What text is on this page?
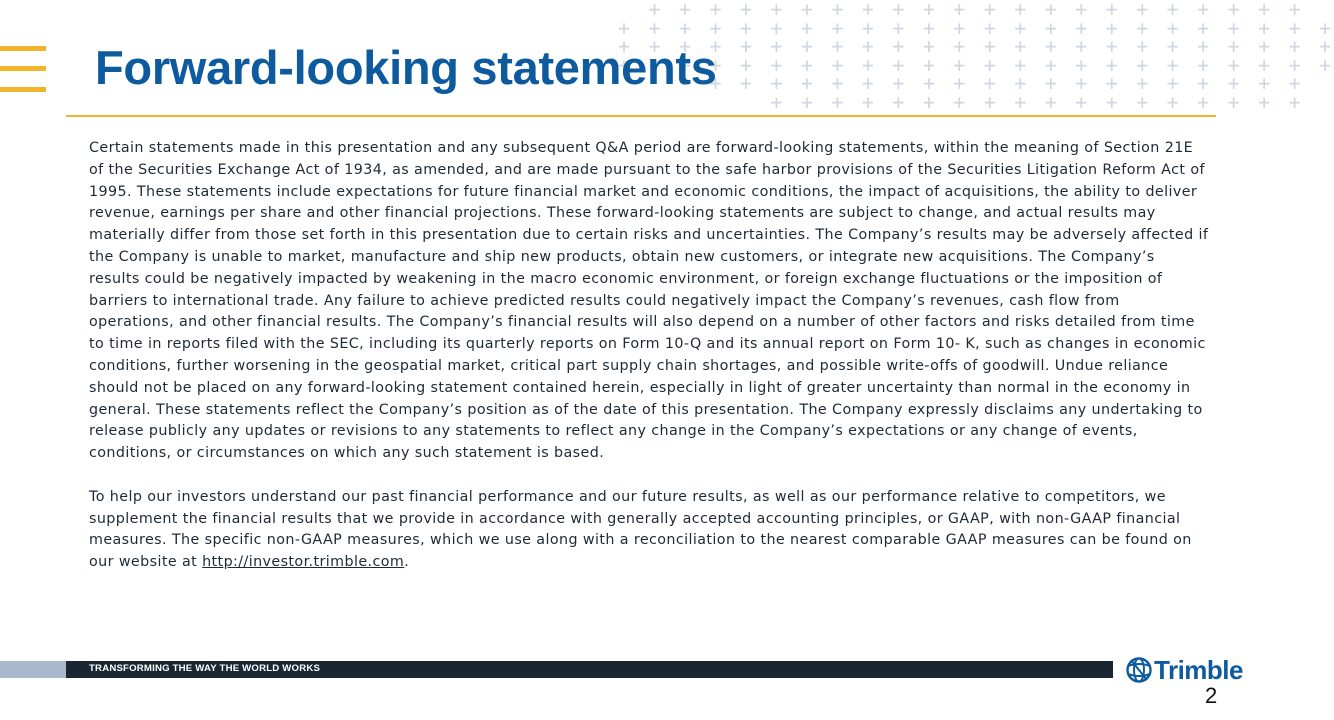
+ + + + + + + + + + + + + + + + + + + + + +
+ + + + + + + + + + + + + + + + + + + + + + + +
+ + + + + + + + + + + + + + + + + + + + + + + +
+ + + + + + + + + + + + + + + + + + + + + + + +
+ + + + + + + + + + + + + + + + + + + +
+ + + + + + + + + + + + + + + + + +
Forward-looking statements

Certain statements made in this presentation and any subsequent Q&A period are forward-looking statements, within the meaning of Section 21E of the Securities Exchange Act of 1934, as amended, and are made pursuant to the safe harbor provisions of the Securities Litigation Reform Act of 1995. These statements include expectations for future financial market and economic conditions, the impact of acquisitions, the ability to deliver revenue, earnings per share and other financial projections. These forward-looking statements are subject to change, and actual results may materially differ from those set forth in this presentation due to certain risks and uncertainties. The Company’s results may be adversely affected if the Company is unable to market, manufacture and ship new products, obtain new customers, or integrate new acquisitions. The Company’s results could be negatively impacted by weakening in the macro economic environment, or foreign exchange fluctuations or the imposition of barriers to international trade. Any failure to achieve predicted results could negatively impact the Company’s revenues, cash flow from operations, and other financial results. The Company’s financial results will also depend on a number of other factors and risks detailed from time to time in reports filed with the SEC, including its quarterly reports on Form 10-Q and its annual report on Form 10- K, such as changes in economic conditions, further worsening in the geospatial market, critical part supply chain shortages, and possible write-offs of goodwill. Undue reliance should not be placed on any forward-looking statement contained herein, especially in light of greater uncertainty than normal in the economy in general. These statements reflect the Company’s position as of the date of this presentation. The Company expressly disclaims any undertaking to release publicly any updates or revisions to any statements to reflect any change in the Company’s expectations or any change of events, conditions, or circumstances on which any such statement is based.

To help our investors understand our past financial performance and our future results, as well as our performance relative to competitors, we supplement the financial results that we provide in accordance with generally accepted accounting principles, or GAAP, with non-GAAP financial measures. The specific non-GAAP measures, which we use along with a reconciliation to the nearest comparable GAAP measures can be found on our website at http://investor.trimble.com.

TRANSFORMING THE WAY THE WORLD WORKS	Trimble
2
